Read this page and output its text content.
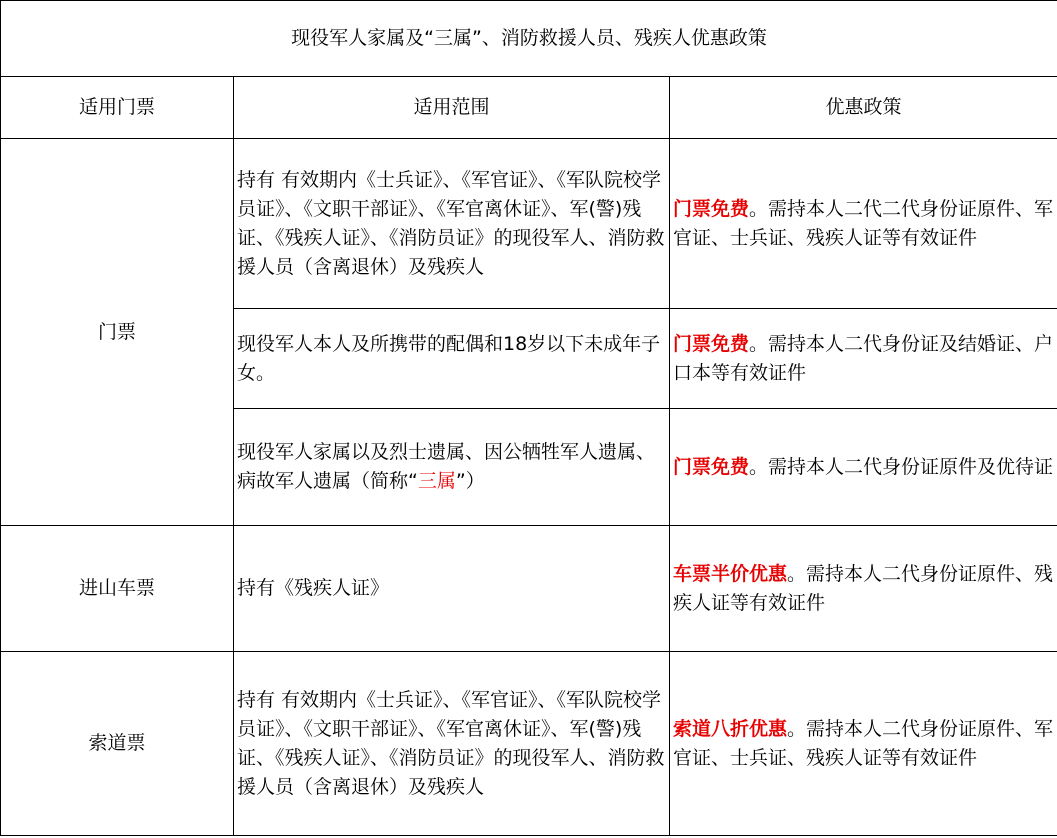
现役军人家属及“三属”、消防救援人员、残疾人优惠政策		
适用门票	适用范围	优惠政策
门票	持有 有效期内《士兵证》、《军官证》、《军队院校学员证》、《文职干部证》、《军官离休证》、军(警)残证、《残疾人证》、《消防员证》的现役军人、消防救援人员（含离退休）及残疾人	门票免费。需持本人二代二代身份证原件、军官证、士兵证、残疾人证等有效证件
	现役军人本人及所携带的配偶和18岁以下未成年子女。	门票免费。需持本人二代身份证及结婚证、户口本等有效证件
	现役军人家属以及烈士遗属、因公牺牲军人遗属、病故军人遗属（简称“三属”）	门票免费。需持本人二代身份证原件及优待证
进山车票	持有《残疾人证》	车票半价优惠。需持本人二代身份证原件、残疾人证等有效证件
索道票	持有 有效期内《士兵证》、《军官证》、《军队院校学员证》、《文职干部证》、《军官离休证》、军(警)残证、《残疾人证》、《消防员证》的现役军人、消防救援人员（含离退休）及残疾人	索道八折优惠。需持本人二代身份证原件、军官证、士兵证、残疾人证等有效证件
